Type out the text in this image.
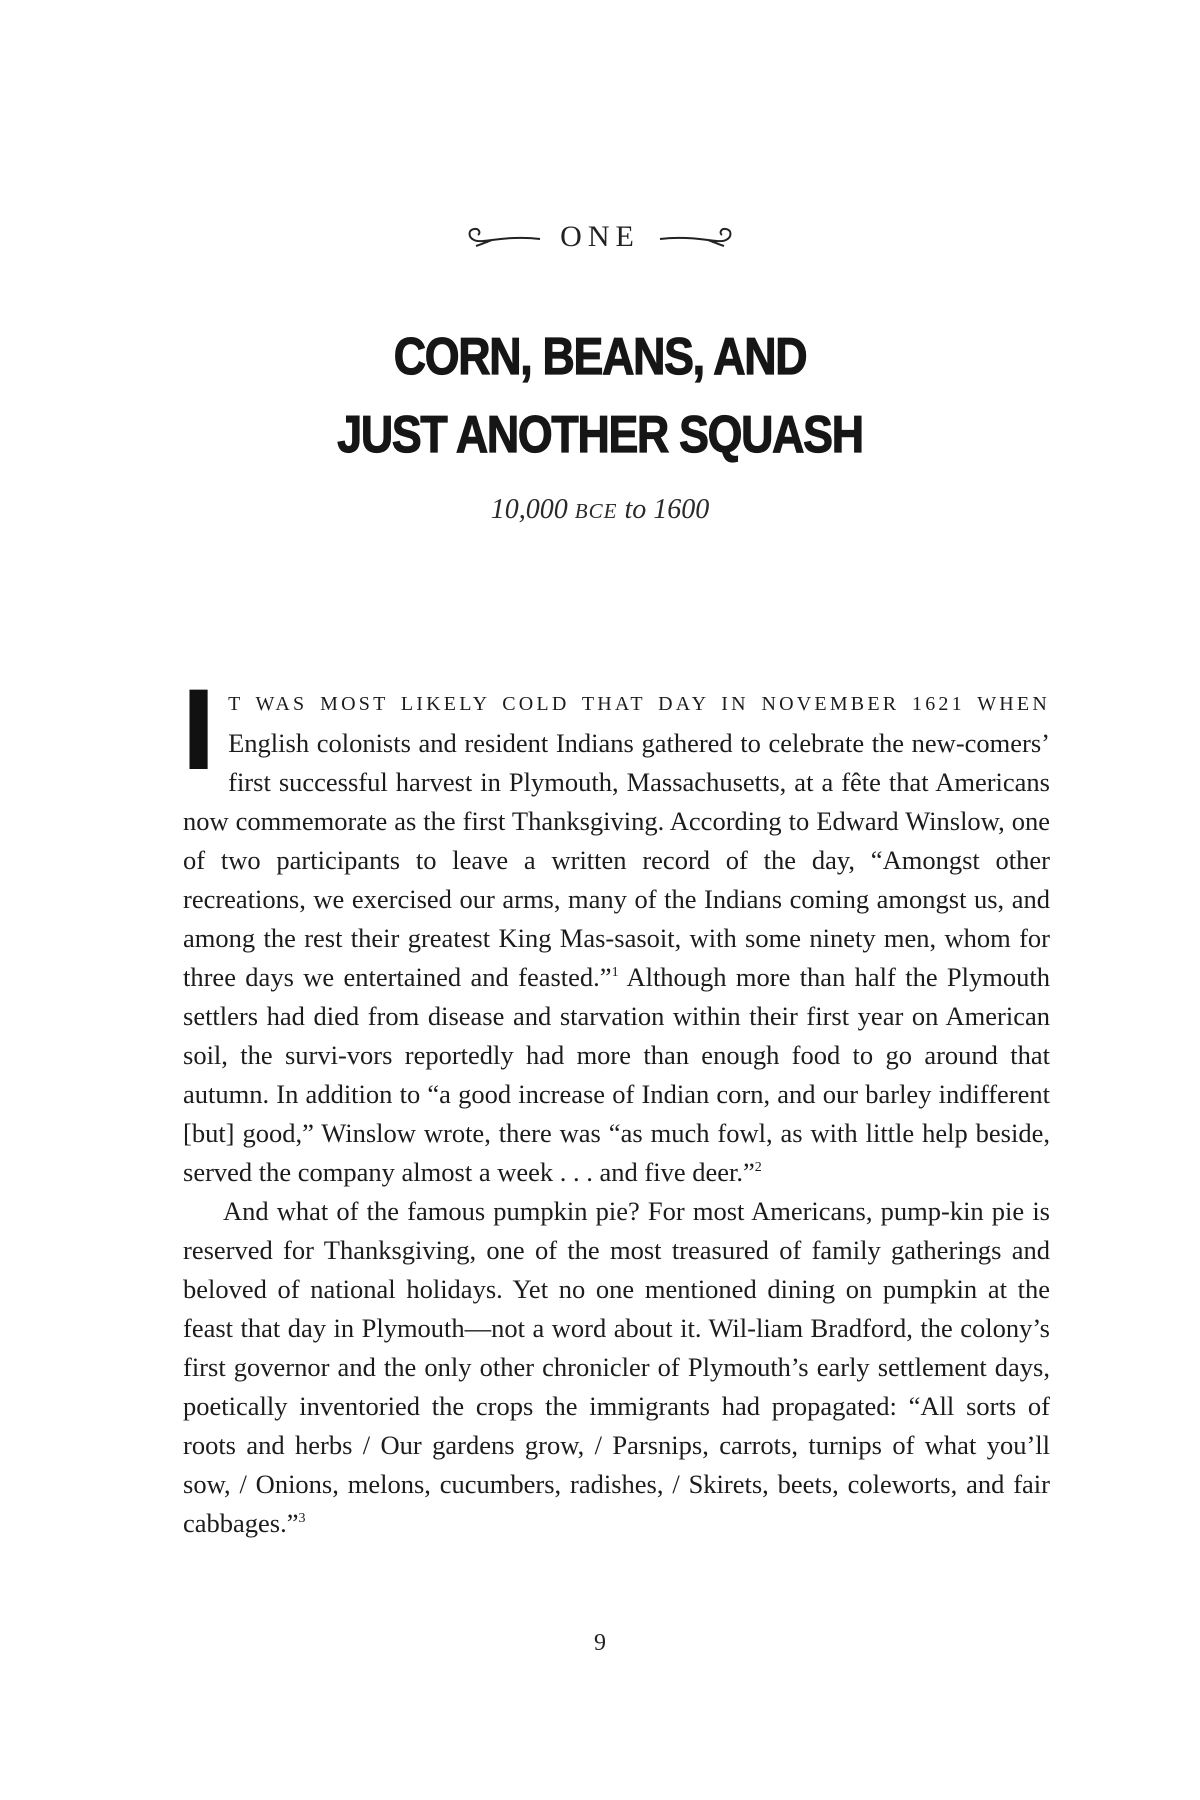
ONE
CORN, BEANS, AND
JUST ANOTHER SQUASH
10,000 BCE to 1600

IT WAS MOST LIKELY COLD THAT DAY IN NOVEMBER 1621 WHEN English colonists and resident Indians gathered to celebrate the new-comers’ first successful harvest in Plymouth, Massachusetts, at a fête that Americans now commemorate as the first Thanksgiving. According to Edward Winslow, one of two participants to leave a written record of the day, “Amongst other recreations, we exercised our arms, many of the Indians coming amongst us, and among the rest their greatest King Mas-sasoit, with some ninety men, whom for three days we entertained and feasted.”$^1$ Although more than half the Plymouth settlers had died from disease and starvation within their first year on American soil, the survi-vors reportedly had more than enough food to go around that autumn. In addition to “a good increase of Indian corn, and our barley indifferent [but] good,” Winslow wrote, there was “as much fowl, as with little help beside, served the company almost a week . . . and five deer.”$^2$

And what of the famous pumpkin pie? For most Americans, pump-kin pie is reserved for Thanksgiving, one of the most treasured of family gatherings and beloved of national holidays. Yet no one mentioned dining on pumpkin at the feast that day in Plymouth—not a word about it. Wil-liam Bradford, the colony’s first governor and the only other chronicler of Plymouth’s early settlement days, poetically inventoried the crops the immigrants had propagated: “All sorts of roots and herbs / Our gardens grow, / Parsnips, carrots, turnips of what you’ll sow, / Onions, melons, cucumbers, radishes, / Skirets, beets, coleworts, and fair cabbages.”$^3$

9
